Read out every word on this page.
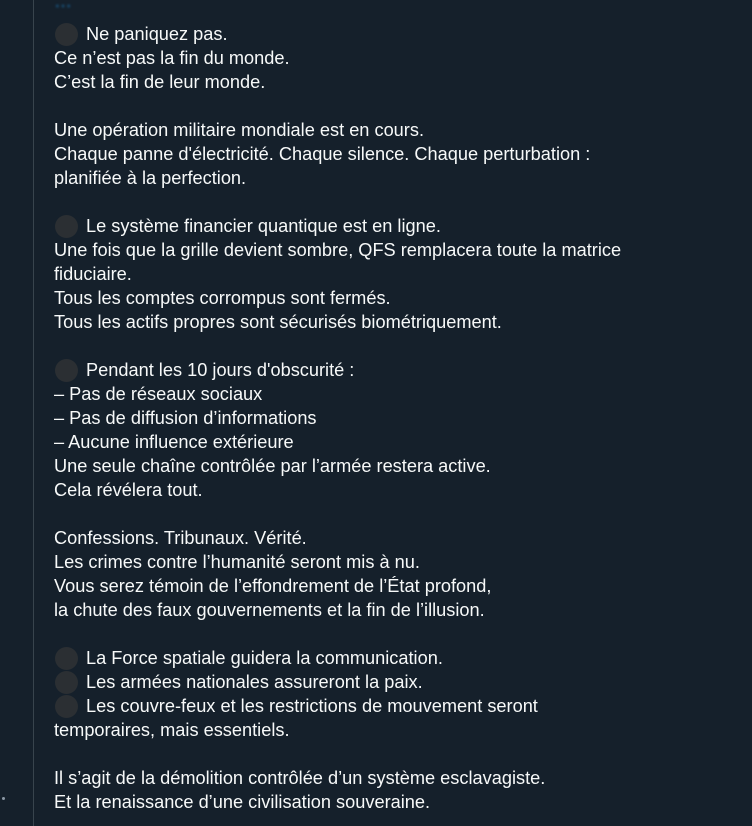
Ne paniquez pas.
Ce n’est pas la fin du monde.
C’est la fin de leur monde.
Une opération militaire mondiale est en cours.
Chaque panne d'électricité. Chaque silence. Chaque perturbation :
planifiée à la perfection.
Le système financier quantique est en ligne.
Une fois que la grille devient sombre, QFS remplacera toute la matrice
fiduciaire.
Tous les comptes corrompus sont fermés.
Tous les actifs propres sont sécurisés biométriquement.
Pendant les 10 jours d'obscurité :
– Pas de réseaux sociaux
– Pas de diffusion d’informations
– Aucune influence extérieure
Une seule chaîne contrôlée par l’armée restera active.
Cela révélera tout.
Confessions. Tribunaux. Vérité.
Les crimes contre l’humanité seront mis à nu.
Vous serez témoin de l’effondrement de l’État profond,
la chute des faux gouvernements et la fin de l’illusion.
La Force spatiale guidera la communication.
Les armées nationales assureront la paix.
Les couvre-feux et les restrictions de mouvement seront
temporaires, mais essentiels.
Il s’agit de la démolition contrôlée d’un système esclavagiste.
Et la renaissance d’une civilisation souveraine.
